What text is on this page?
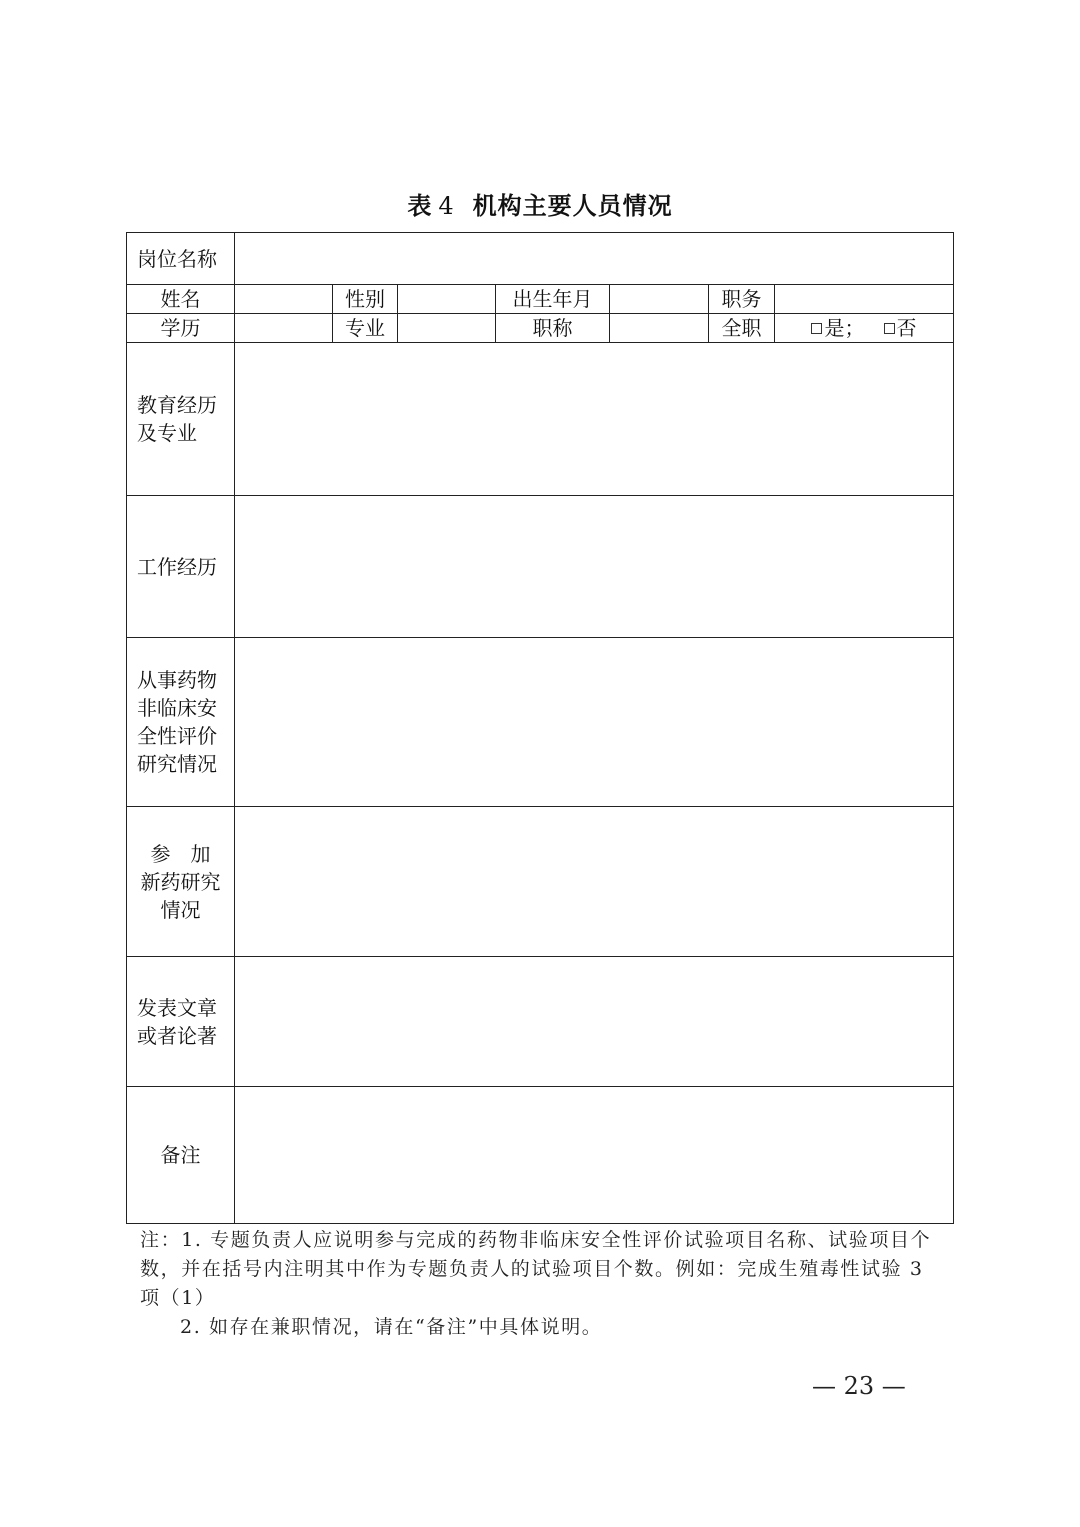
表 4 机构主要人员情况
岗位名称							
姓名		性别		出生年月		职务	
学历		专业		职称		全职	是； 否

教育经历
及专业							

工作经历							

从事药物
非临床安
全性评价
研究情况							

参　加
新药研究
情况							

发表文章
或者论著							

备注							

注：1. 专题负责人应说明参与完成的药物非临床安全性评价试验项目名称、试验项目个数，并在括号内注明其中作为专题负责人的试验项目个数。例如：完成生殖毒性试验 3 项（1）

2. 如存在兼职情况，请在“备注”中具体说明。

— 23 —
